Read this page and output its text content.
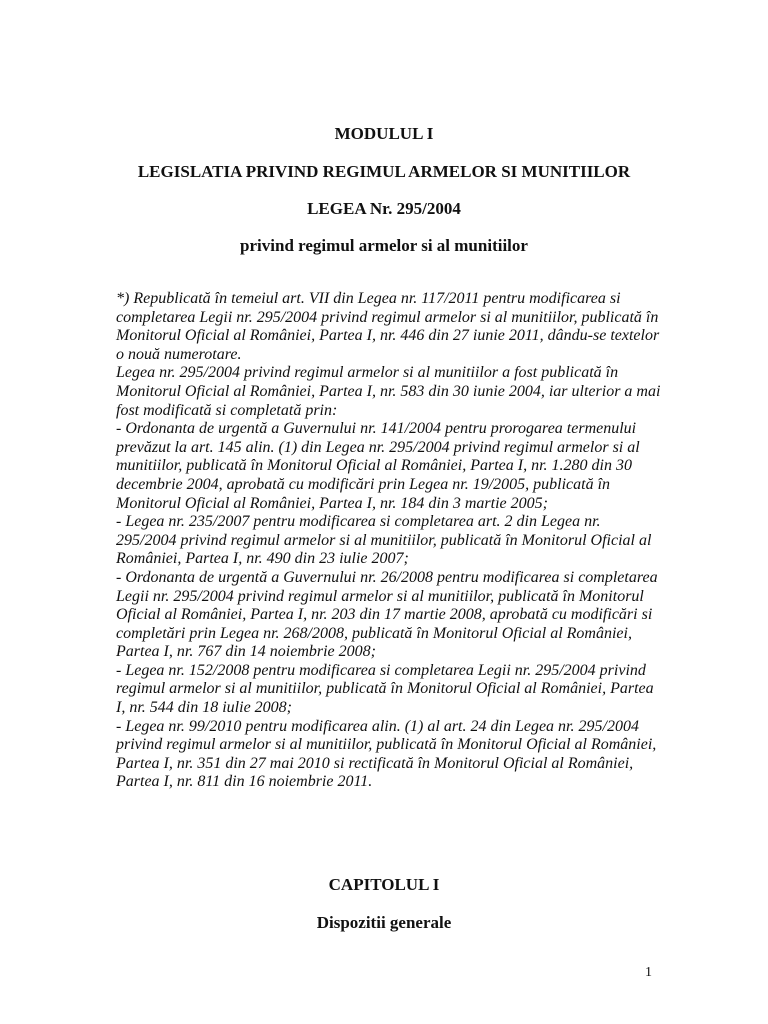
MODULUL I
LEGISLATIA PRIVIND REGIMUL ARMELOR SI MUNITIILOR
LEGEA Nr. 295/2004
privind regimul armelor si al munitiilor

*) Republicată în temeiul art. VII din Legea nr. 117/2011 pentru modificarea si completarea Legii nr. 295/2004 privind regimul armelor si al munitiilor, publicată în Monitorul Oficial al României, Partea I, nr. 446 din 27 iunie 2011, dându-se textelor o nouă numerotare.

Legea nr. 295/2004 privind regimul armelor si al munitiilor a fost publicată în Monitorul Oficial al României, Partea I, nr. 583 din 30 iunie 2004, iar ulterior a mai fost modificată si completată prin:

- Ordonanta de urgentă a Guvernului nr. 141/2004 pentru prorogarea termenului prevăzut la art. 145 alin. (1) din Legea nr. 295/2004 privind regimul armelor si al munitiilor, publicată în Monitorul Oficial al României, Partea I, nr. 1.280 din 30 decembrie 2004, aprobată cu modificări prin Legea nr. 19/2005, publicată în Monitorul Oficial al României, Partea I, nr. 184 din 3 martie 2005;

- Legea nr. 235/2007 pentru modificarea si completarea art. 2 din Legea nr. 295/2004 privind regimul armelor si al munitiilor, publicată în Monitorul Oficial al României, Partea I, nr. 490 din 23 iulie 2007;

- Ordonanta de urgentă a Guvernului nr. 26/2008 pentru modificarea si completarea Legii nr. 295/2004 privind regimul armelor si al munitiilor, publicată în Monitorul Oficial al României, Partea I, nr. 203 din 17 martie 2008, aprobată cu modificări si completări prin Legea nr. 268/2008, publicată în Monitorul Oficial al României, Partea I, nr. 767 din 14 noiembrie 2008;

- Legea nr. 152/2008 pentru modificarea si completarea Legii nr. 295/2004 privind regimul armelor si al munitiilor, publicată în Monitorul Oficial al României, Partea I, nr. 544 din 18 iulie 2008;

- Legea nr. 99/2010 pentru modificarea alin. (1) al art. 24 din Legea nr. 295/2004 privind regimul armelor si al munitiilor, publicată în Monitorul Oficial al României, Partea I, nr. 351 din 27 mai 2010 si rectificată în Monitorul Oficial al României, Partea I, nr. 811 din 16 noiembrie 2011.

CAPITOLUL I
Dispozitii generale
1
